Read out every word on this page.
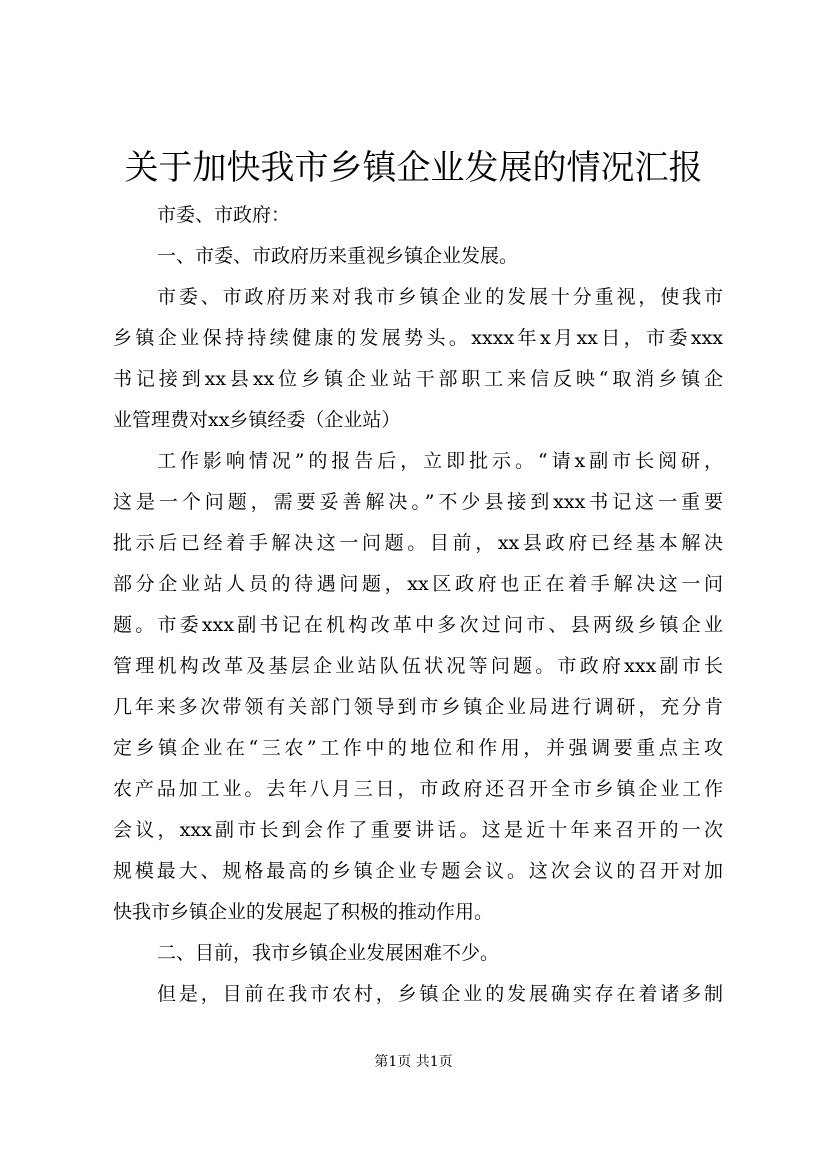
关于加快我市乡镇企业发展的情况汇报
市委、市政府：
一、市委、市政府历来重视乡镇企业发展。
市委、市政府历来对我市乡镇企业的发展十分重视，使我市
乡镇企业保持持续健康的发展势头。xxxx年x月xx日，市委xxx
书记接到xx县xx位乡镇企业站干部职工来信反映“取消乡镇企
业管理费对xx乡镇经委（企业站）
工作影响情况”的报告后，立即批示。“请x副市长阅研，
这是一个问题，需要妥善解决。”不少县接到xxx书记这一重要
批示后已经着手解决这一问题。目前，xx县政府已经基本解决
部分企业站人员的待遇问题，xx区政府也正在着手解决这一问
题。市委xxx副书记在机构改革中多次过问市、县两级乡镇企业
管理机构改革及基层企业站队伍状况等问题。市政府xxx副市长
几年来多次带领有关部门领导到市乡镇企业局进行调研，充分肯
定乡镇企业在“三农”工作中的地位和作用，并强调要重点主攻
农产品加工业。去年八月三日，市政府还召开全市乡镇企业工作
会议，xxx副市长到会作了重要讲话。这是近十年来召开的一次
规模最大、规格最高的乡镇企业专题会议。这次会议的召开对加
快我市乡镇企业的发展起了积极的推动作用。
二、目前，我市乡镇企业发展困难不少。
但是，目前在我市农村，乡镇企业的发展确实存在着诸多制
第1页 共1页
